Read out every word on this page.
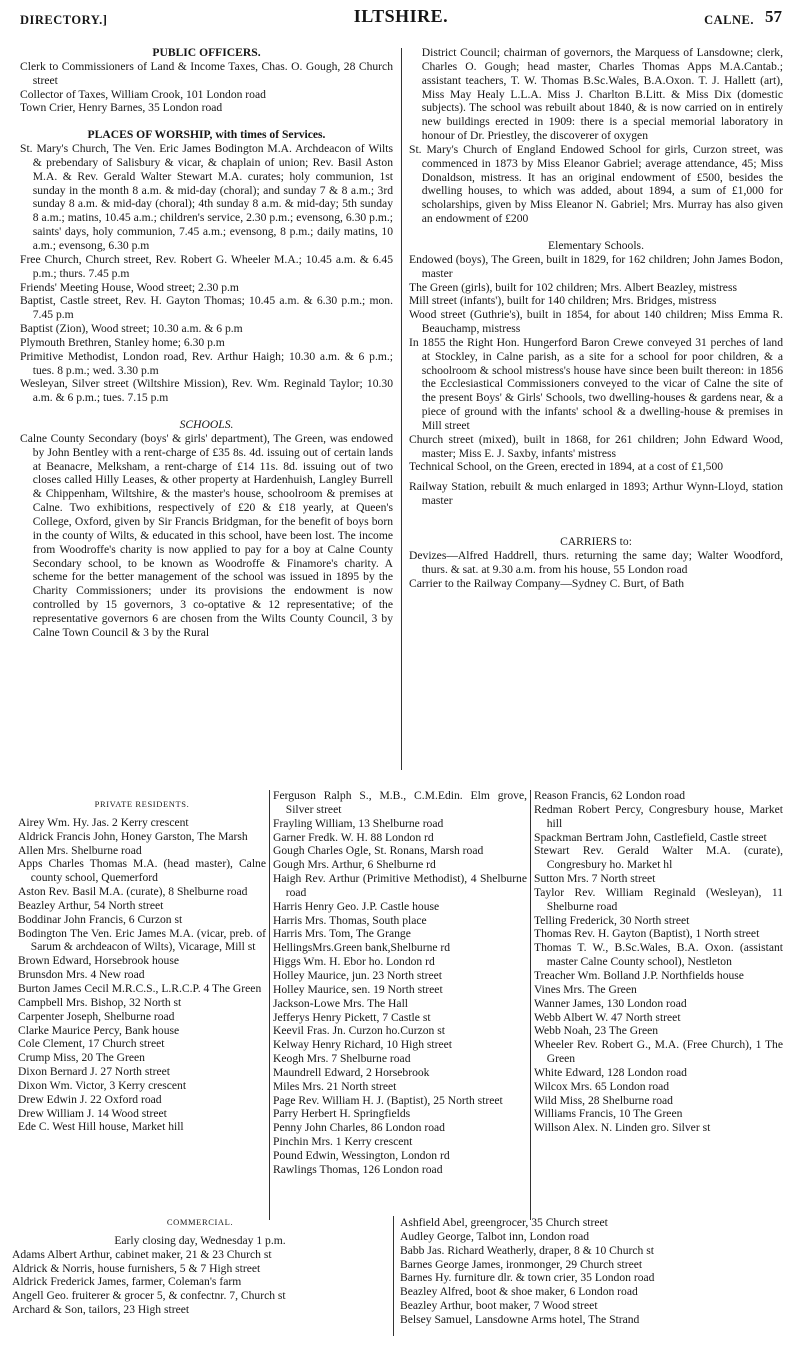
DIRECTORY.]	ILTSHIRE.	CALNE. 57

PUBLIC OFFICERS.

Clerk to Commissioners of Land & Income Taxes, Chas. O. Gough, 28 Church street

Collector of Taxes, William Crook, 101 London road

Town Crier, Henry Barnes, 35 London road

PLACES OF WORSHIP, with times of Services.

St. Mary's Church, The Ven. Eric James Bodington M.A. Archdeacon of Wilts & prebendary of Salisbury & vicar, & chaplain of union; Rev. Basil Aston M.A. & Rev. Gerald Walter Stewart M.A. curates; holy communion, 1st sunday in the month 8 a.m. & mid-day (choral); and sunday 7 & 8 a.m.; 3rd sunday 8 a.m. & mid-day (choral); 4th sunday 8 a.m. & mid-day; 5th sunday 8 a.m.; matins, 10.45 a.m.; children's service, 2.30 p.m.; evensong, 6.30 p.m.; saints' days, holy communion, 7.45 a.m.; evensong, 8 p.m.; daily matins, 10 a.m.; evensong, 6.30 p.m

Free Church, Church street, Rev. Robert G. Wheeler M.A.; 10.45 a.m. & 6.45 p.m.; thurs. 7.45 p.m

Friends' Meeting House, Wood street; 2.30 p.m

Baptist, Castle street, Rev. H. Gayton Thomas; 10.45 a.m. & 6.30 p.m.; mon. 7.45 p.m

Baptist (Zion), Wood street; 10.30 a.m. & 6 p.m

Plymouth Brethren, Stanley home; 6.30 p.m

Primitive Methodist, London road, Rev. Arthur Haigh; 10.30 a.m. & 6 p.m.; tues. 8 p.m.; wed. 3.30 p.m

Wesleyan, Silver street (Wiltshire Mission), Rev. Wm. Reginald Taylor; 10.30 a.m. & 6 p.m.; tues. 7.15 p.m

SCHOOLS.

Calne County Secondary (boys' & girls' department), The Green, was endowed by John Bentley with a rent-charge of £35 8s. 4d. issuing out of certain lands at Beanacre, Melksham, a rent-charge of £14 11s. 8d. issuing out of two closes called Hilly Leases, & other property at Hardenhuish, Langley Burrell & Chippenham, Wiltshire, & the master's house, schoolroom & premises at Calne. Two exhibitions, respectively of £20 & £18 yearly, at Queen's College, Oxford, given by Sir Francis Bridgman, for the benefit of boys born in the county of Wilts, & educated in this school, have been lost. The income from Woodroffe's charity is now applied to pay for a boy at Calne County Secondary school, to be known as Woodroffe & Finamore's charity. A scheme for the better management of the school was issued in 1895 by the Charity Commissioners; under its provisions the endowment is now controlled by 15 governors, 3 co-optative & 12 representative; of the representative governors 6 are chosen from the Wilts County Council, 3 by Calne Town Council & 3 by the Rural

District Council; chairman of governors, the Marquess of Lansdowne; clerk, Charles O. Gough; head master, Charles Thomas Apps M.A.Cantab.; assistant teachers, T. W. Thomas B.Sc.Wales, B.A.Oxon. T. J. Hallett (art), Miss May Healy L.L.A. Miss J. Charlton B.Litt. & Miss Dix (domestic subjects). The school was rebuilt about 1840, & is now carried on in entirely new buildings erected in 1909: there is a special memorial laboratory in honour of Dr. Priestley, the discoverer of oxygen

St. Mary's Church of England Endowed School for girls, Curzon street, was commenced in 1873 by Miss Eleanor Gabriel; average attendance, 45; Miss Donaldson, mistress. It has an original endowment of £500, besides the dwelling houses, to which was added, about 1894, a sum of £1,000 for scholarships, given by Miss Eleanor N. Gabriel; Mrs. Murray has also given an endowment of £200

Elementary Schools.

Endowed (boys), The Green, built in 1829, for 162 children; John James Bodon, master

The Green (girls), built for 102 children; Mrs. Albert Beazley, mistress

Mill street (infants'), built for 140 children; Mrs. Bridges, mistress

Wood street (Guthrie's), built in 1854, for about 140 children; Miss Emma R. Beauchamp, mistress

In 1855 the Right Hon. Hungerford Baron Crewe conveyed 31 perches of land at Stockley, in Calne parish, as a site for a school for poor children, & a schoolroom & school mistress's house have since been built thereon: in 1856 the Ecclesiastical Commissioners conveyed to the vicar of Calne the site of the present Boys' & Girls' Schools, two dwelling-houses & gardens near, & a piece of ground with the infants' school & a dwelling-house & premises in Mill street

Church street (mixed), built in 1868, for 261 children; John Edward Wood, master; Miss E. J. Saxby, infants' mistress

Technical School, on the Green, erected in 1894, at a cost of £1,500

Railway Station, rebuilt & much enlarged in 1893; Arthur Wynn-Lloyd, station master

CARRIERS to:

Devizes—Alfred Haddrell, thurs. returning the same day; Walter Woodford, thurs. & sat. at 9.30 a.m. from his house, 55 London road

Carrier to the Railway Company—Sydney C. Burt, of Bath

PRIVATE RESIDENTS.

Airey Wm. Hy. Jas. 2 Kerry crescent

Aldrick Francis John, Honey Garston, The Marsh

Allen Mrs. Shelburne road

Apps Charles Thomas M.A. (head master), Calne county school, Quemerford

Aston Rev. Basil M.A. (curate), 8 Shelburne road

Beazley Arthur, 54 North street

Boddinar John Francis, 6 Curzon st

Bodington The Ven. Eric James M.A. (vicar, preb. of Sarum & archdeacon of Wilts), Vicarage, Mill st

Brown Edward, Horsebrook house

Brunsdon Mrs. 4 New road

Burton James Cecil M.R.C.S., L.R.C.P. 4 The Green

Campbell Mrs. Bishop, 32 North st

Carpenter Joseph, Shelburne road

Clarke Maurice Percy, Bank house

Cole Clement, 17 Church street

Crump Miss, 20 The Green

Dixon Bernard J. 27 North street

Dixon Wm. Victor, 3 Kerry crescent

Drew Edwin J. 22 Oxford road

Drew William J. 14 Wood street

Ede C. West Hill house, Market hill

Ferguson Ralph S., M.B., C.M.Edin. Elm grove, Silver street

Frayling William, 13 Shelburne road

Garner Fredk. W. H. 88 London rd

Gough Charles Ogle, St. Ronans, Marsh road

Gough Mrs. Arthur, 6 Shelburne rd

Haigh Rev. Arthur (Primitive Methodist), 4 Shelburne road

Harris Henry Geo. J.P. Castle house

Harris Mrs. Thomas, South place

Harris Mrs. Tom, The Grange

HellingsMrs.Green bank,Shelburne rd

Higgs Wm. H. Ebor ho. London rd

Holley Maurice, jun. 23 North street

Holley Maurice, sen. 19 North street

Jackson-Lowe Mrs. The Hall

Jefferys Henry Pickett, 7 Castle st

Keevil Fras. Jn. Curzon ho.Curzon st

Kelway Henry Richard, 10 High street

Keogh Mrs. 7 Shelburne road

Maundrell Edward, 2 Horsebrook

Miles Mrs. 21 North street

Page Rev. William H. J. (Baptist), 25 North street

Parry Herbert H. Springfields

Penny John Charles, 86 London road

Pinchin Mrs. 1 Kerry crescent

Pound Edwin, Wessington, London rd

Rawlings Thomas, 126 London road

Reason Francis, 62 London road

Redman Robert Percy, Congresbury house, Market hill

Spackman Bertram John, Castlefield, Castle street

Stewart Rev. Gerald Walter M.A. (curate), Congresbury ho. Market hl

Sutton Mrs. 7 North street

Taylor Rev. William Reginald (Wesleyan), 11 Shelburne road

Telling Frederick, 30 North street

Thomas Rev. H. Gayton (Baptist), 1 North street

Thomas T. W., B.Sc.Wales, B.A. Oxon. (assistant master Calne County school), Nestleton

Treacher Wm. Bolland J.P. Northfields house

Vines Mrs. The Green

Wanner James, 130 London road

Webb Albert W. 47 North street

Webb Noah, 23 The Green

Wheeler Rev. Robert G., M.A. (Free Church), 1 The Green

White Edward, 128 London road

Wilcox Mrs. 65 London road

Wild Miss, 28 Shelburne road

Williams Francis, 10 The Green

Willson Alex. N. Linden gro. Silver st

COMMERCIAL.

Early closing day, Wednesday 1 p.m.

Adams Albert Arthur, cabinet maker, 21 & 23 Church st

Aldrick & Norris, house furnishers, 5 & 7 High street

Aldrick Frederick James, farmer, Coleman's farm

Angell Geo. fruiterer & grocer 5, & confectnr. 7, Church st

Archard & Son, tailors, 23 High street

Ashfield Abel, greengrocer, 35 Church street

Audley George, Talbot inn, London road

Babb Jas. Richard Weatherly, draper, 8 & 10 Church st

Barnes George James, ironmonger, 29 Church street

Barnes Hy. furniture dlr. & town crier, 35 London road

Beazley Alfred, boot & shoe maker, 6 London road

Beazley Arthur, boot maker, 7 Wood street

Belsey Samuel, Lansdowne Arms hotel, The Strand
